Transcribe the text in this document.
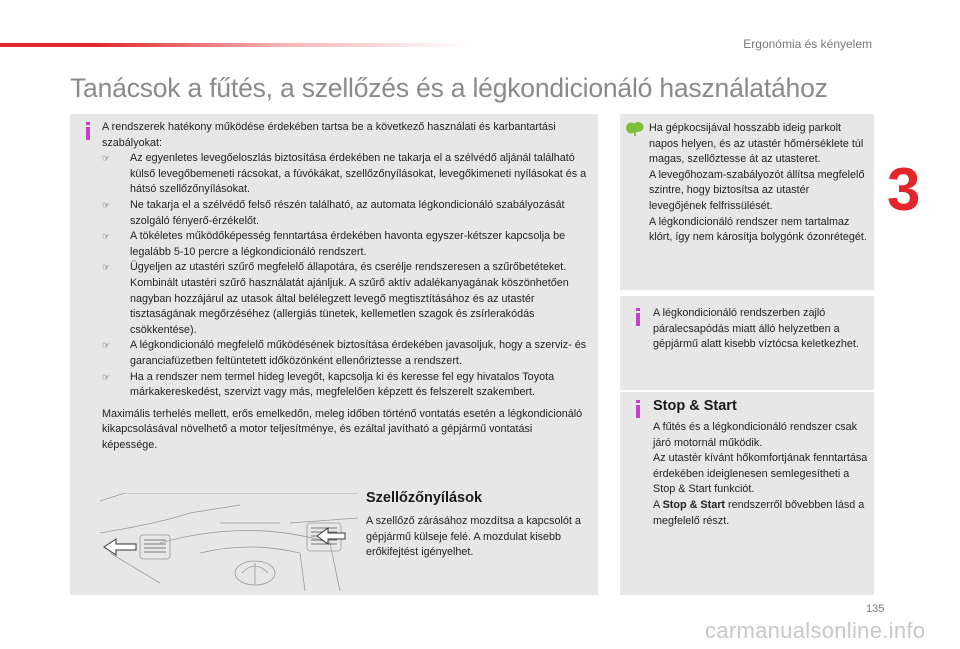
Ergonómia és kényelem
3
Tanácsok a fűtés, a szellőzés és a légkondicionáló használatához
A rendszerek hatékony működése érdekében tartsa be a következő használati és karbantartási szabályokat:
☞ Az egyenletes levegőeloszlás biztosítása érdekében ne takarja el a szélvédő aljánál található külső levegőbemeneti rácsokat, a fúvókákat, szellőzőnyílásokat, levegőkimeneti nyílásokat és a hátsó szellőzőnyílásokat.
☞ Ne takarja el a szélvédő felső részén található, az automata légkondicionáló szabályozását szolgáló fényerő-érzékelőt.
☞ A tökéletes működőképesség fenntartása érdekében havonta egyszer-kétszer kapcsolja be legalább 5-10 percre a légkondicionáló rendszert.
☞ Ügyeljen az utastéri szűrő megfelelő állapotára, és cserélje rendszeresen a szűrőbetéteket.
Kombinált utastéri szűrő használatát ajánljuk. A szűrő aktív adalékanyagának köszönhetően nagyban hozzájárul az utasok által belélegzett levegő megtisztításához és az utastér tisztaságának megőrzéséhez (allergiás tünetek, kellemetlen szagok és zsírlerakódás csökkentése).
☞ A légkondicionáló megfelelő működésének biztosítása érdekében javasoljuk, hogy a szerviz- és garanciafüzetben feltüntetett időközönként ellenőriztesse a rendszert.
☞ Ha a rendszer nem termel hideg levegőt, kapcsolja ki és keresse fel egy hivatalos Toyota márkakereskedést, szervizt vagy más, megfelelően képzett és felszerelt szakembert.
Maximális terhelés mellett, erős emelkedőn, meleg időben történő vontatás esetén a légkondicionáló kikapcsolásával növelhető a motor teljesítménye, és ezáltal javítható a gépjármű vontatási képessége.
Szellőzőnyílások
A szellőző zárásához mozdítsa a kapcsolót a gépjármű külseje felé. A mozdulat kisebb erőkifejtést igényelhet.
Ha gépkocsijával hosszabb ideig parkolt napos helyen, és az utastér hőmérséklete túl magas, szellőztesse át az utasteret.
A levegőhozam-szabályozót állítsa megfelelő szintre, hogy biztosítsa az utastér levegőjének felfrissülését.
A légkondicionáló rendszer nem tartalmaz klórt, így nem károsítja bolygónk ózonrétegét.
A légkondicionáló rendszerben zajló páralecsapódás miatt álló helyzetben a gépjármű alatt kisebb víztócsa keletkezhet.
Stop & Start
A fűtés és a légkondicionáló rendszer csak járó motornál működik.
Az utastér kívánt hőkomfortjának fenntartása érdekében ideiglenesen semlegesítheti a Stop & Start funkciót.
A Stop & Start rendszerről bővebben lásd a megfelelő részt.
135
carmanualsonline.info
